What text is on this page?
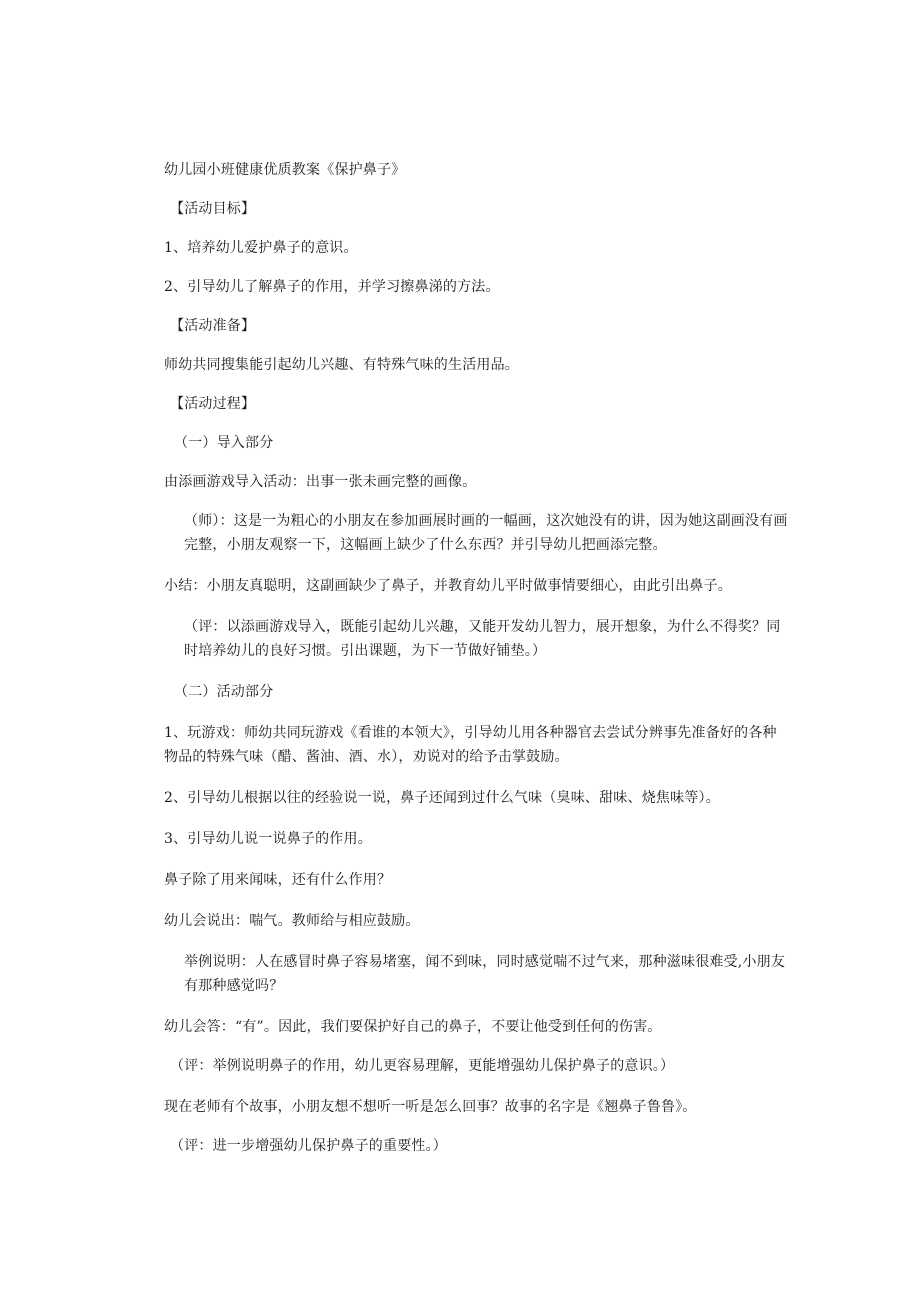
幼儿园小班健康优质教案《保护鼻子》

【活动目标】

1、培养幼儿爱护鼻子的意识。

2、引导幼儿了解鼻子的作用，并学习擦鼻涕的方法。

【活动准备】

师幼共同搜集能引起幼儿兴趣、有特殊气味的生活用品。

【活动过程】

（一）导入部分

由添画游戏导入活动：出事一张未画完整的画像。

（师）：这是一为粗心的小朋友在参加画展时画的一幅画，这次她没有的讲，因为她这副画没有画完整，小朋友观察一下，这幅画上缺少了什么东西？并引导幼儿把画添完整。

小结：小朋友真聪明，这副画缺少了鼻子，并教育幼儿平时做事情要细心，由此引出鼻子。

（评：以添画游戏导入，既能引起幼儿兴趣，又能开发幼儿智力，展开想象，为什么不得奖？同时培养幼儿的良好习惯。引出课题，为下一节做好铺垫。）

（二）活动部分

1、玩游戏：师幼共同玩游戏《看谁的本领大》，引导幼儿用各种器官去尝试分辨事先准备好的各种物品的特殊气味（醋、酱油、酒、水），劝说对的给予击掌鼓励。

2、引导幼儿根据以往的经验说一说，鼻子还闻到过什么气味（臭味、甜味、烧焦味等）。

3、引导幼儿说一说鼻子的作用。

鼻子除了用来闻味，还有什么作用？

幼儿会说出：喘气。教师给与相应鼓励。

举例说明：人在感冒时鼻子容易堵塞，闻不到味，同时感觉喘不过气来，那种滋味很难受,小朋友有那种感觉吗？

幼儿会答：“有”。因此，我们要保护好自己的鼻子，不要让他受到任何的伤害。

（评：举例说明鼻子的作用，幼儿更容易理解，更能增强幼儿保护鼻子的意识。）

现在老师有个故事，小朋友想不想听一听是怎么回事？故事的名字是《翘鼻子鲁鲁》。

（评：进一步增强幼儿保护鼻子的重要性。）
